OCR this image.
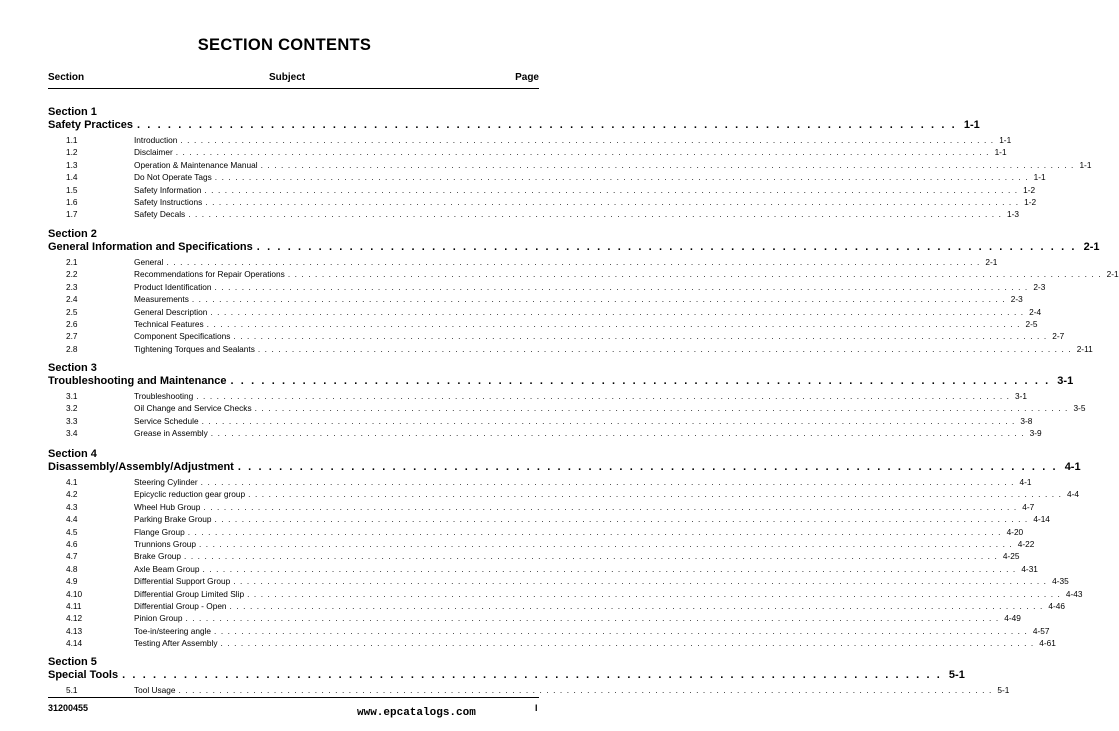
SECTION CONTENTS
Section	Subject	Page
Section 1
Safety Practices . . . . . . . . . . . . . . . . . . . . . . . . . . . . . . . . . . . . . . . . . . . . . . . . . . . . . . . . . . . . . . . . . . . . . . . . . . . . . . . . 1-1
1.1	Introduction . . . . . . . . . . . . . . . . . . . . . . . . . . . . . . . . . . . . . . . . . . . . . . . . . . . . . . . . . . . . . . . . . . . . . . . . . . . . . . . . . . . . . . . . . . . . . . . . . . . . . . . . . . . . . . . . . . . . . . . . 1-1
1.2	Disclaimer . . . . . . . . . . . . . . . . . . . . . . . . . . . . . . . . . . . . . . . . . . . . . . . . . . . . . . . . . . . . . . . . . . . . . . . . . . . . . . . . . . . . . . . . . . . . . . . . . . . . . . . . . . . . . . . . . . . . . . . . 1-1
1.3	Operation & Maintenance Manual . . . . . . . . . . . . . . . . . . . . . . . . . . . . . . . . . . . . . . . . . . . . . . . . . . . . . . . . . . . . . . . . . . . . . . . . . . . . . . . . . . . . . . . . . . . . . . . . . . . . . . . . . . . . . . . . . . . . . . . . 1-1
1.4	Do Not Operate Tags . . . . . . . . . . . . . . . . . . . . . . . . . . . . . . . . . . . . . . . . . . . . . . . . . . . . . . . . . . . . . . . . . . . . . . . . . . . . . . . . . . . . . . . . . . . . . . . . . . . . . . . . . . . . . . . . . . . . . . . . 1-1
1.5	Safety Information . . . . . . . . . . . . . . . . . . . . . . . . . . . . . . . . . . . . . . . . . . . . . . . . . . . . . . . . . . . . . . . . . . . . . . . . . . . . . . . . . . . . . . . . . . . . . . . . . . . . . . . . . . . . . . . . . . . . . . . . 1-2
1.6	Safety Instructions . . . . . . . . . . . . . . . . . . . . . . . . . . . . . . . . . . . . . . . . . . . . . . . . . . . . . . . . . . . . . . . . . . . . . . . . . . . . . . . . . . . . . . . . . . . . . . . . . . . . . . . . . . . . . . . . . . . . . . . . 1-2
1.7	Safety Decals . . . . . . . . . . . . . . . . . . . . . . . . . . . . . . . . . . . . . . . . . . . . . . . . . . . . . . . . . . . . . . . . . . . . . . . . . . . . . . . . . . . . . . . . . . . . . . . . . . . . . . . . . . . . . . . . . . . . . . . . 1-3
Section 2
General Information and Specifications . . . . . . . . . . . . . . . . . . . . . . . . . . . . . . . . . . . . . . . . . . . . . . . . . . . . . . . . . . . . . . . . . . . . . . . . . . . . . . . . 2-1
2.1	General . . . . . . . . . . . . . . . . . . . . . . . . . . . . . . . . . . . . . . . . . . . . . . . . . . . . . . . . . . . . . . . . . . . . . . . . . . . . . . . . . . . . . . . . . . . . . . . . . . . . . . . . . . . . . . . . . . . . . . . . 2-1
2.2	Recommendations for Repair Operations . . . . . . . . . . . . . . . . . . . . . . . . . . . . . . . . . . . . . . . . . . . . . . . . . . . . . . . . . . . . . . . . . . . . . . . . . . . . . . . . . . . . . . . . . . . . . . . . . . . . . . . . . . . . . . . . . . . . . . . . 2-1
2.3	Product Identification . . . . . . . . . . . . . . . . . . . . . . . . . . . . . . . . . . . . . . . . . . . . . . . . . . . . . . . . . . . . . . . . . . . . . . . . . . . . . . . . . . . . . . . . . . . . . . . . . . . . . . . . . . . . . . . . . . . . . . . . 2-3
2.4	Measurements . . . . . . . . . . . . . . . . . . . . . . . . . . . . . . . . . . . . . . . . . . . . . . . . . . . . . . . . . . . . . . . . . . . . . . . . . . . . . . . . . . . . . . . . . . . . . . . . . . . . . . . . . . . . . . . . . . . . . . . . 2-3
2.5	General Description . . . . . . . . . . . . . . . . . . . . . . . . . . . . . . . . . . . . . . . . . . . . . . . . . . . . . . . . . . . . . . . . . . . . . . . . . . . . . . . . . . . . . . . . . . . . . . . . . . . . . . . . . . . . . . . . . . . . . . . . 2-4
2.6	Technical Features . . . . . . . . . . . . . . . . . . . . . . . . . . . . . . . . . . . . . . . . . . . . . . . . . . . . . . . . . . . . . . . . . . . . . . . . . . . . . . . . . . . . . . . . . . . . . . . . . . . . . . . . . . . . . . . . . . . . . . . . 2-5
2.7	Component Specifications . . . . . . . . . . . . . . . . . . . . . . . . . . . . . . . . . . . . . . . . . . . . . . . . . . . . . . . . . . . . . . . . . . . . . . . . . . . . . . . . . . . . . . . . . . . . . . . . . . . . . . . . . . . . . . . . . . . . . . . . 2-7
2.8	Tightening Torques and Sealants . . . . . . . . . . . . . . . . . . . . . . . . . . . . . . . . . . . . . . . . . . . . . . . . . . . . . . . . . . . . . . . . . . . . . . . . . . . . . . . . . . . . . . . . . . . . . . . . . . . . . . . . . . . . . . . . . . . . . . . . 2-11
Section 3
Troubleshooting and Maintenance . . . . . . . . . . . . . . . . . . . . . . . . . . . . . . . . . . . . . . . . . . . . . . . . . . . . . . . . . . . . . . . . . . . . . . . . . . . . . . . . 3-1
3.1	Troubleshooting . . . . . . . . . . . . . . . . . . . . . . . . . . . . . . . . . . . . . . . . . . . . . . . . . . . . . . . . . . . . . . . . . . . . . . . . . . . . . . . . . . . . . . . . . . . . . . . . . . . . . . . . . . . . . . . . . . . . . . . . 3-1
3.2	Oil Change and Service Checks . . . . . . . . . . . . . . . . . . . . . . . . . . . . . . . . . . . . . . . . . . . . . . . . . . . . . . . . . . . . . . . . . . . . . . . . . . . . . . . . . . . . . . . . . . . . . . . . . . . . . . . . . . . . . . . . . . . . . . . . 3-5
3.3	Service Schedule . . . . . . . . . . . . . . . . . . . . . . . . . . . . . . . . . . . . . . . . . . . . . . . . . . . . . . . . . . . . . . . . . . . . . . . . . . . . . . . . . . . . . . . . . . . . . . . . . . . . . . . . . . . . . . . . . . . . . . . . 3-8
3.4	Grease in Assembly . . . . . . . . . . . . . . . . . . . . . . . . . . . . . . . . . . . . . . . . . . . . . . . . . . . . . . . . . . . . . . . . . . . . . . . . . . . . . . . . . . . . . . . . . . . . . . . . . . . . . . . . . . . . . . . . . . . . . . . . 3-9
Section 4
Disassembly/Assembly/Adjustment . . . . . . . . . . . . . . . . . . . . . . . . . . . . . . . . . . . . . . . . . . . . . . . . . . . . . . . . . . . . . . . . . . . . . . . . . . . . . . . . 4-1
4.1	Steering Cylinder . . . . . . . . . . . . . . . . . . . . . . . . . . . . . . . . . . . . . . . . . . . . . . . . . . . . . . . . . . . . . . . . . . . . . . . . . . . . . . . . . . . . . . . . . . . . . . . . . . . . . . . . . . . . . . . . . . . . . . . . 4-1
4.2	Epicyclic reduction gear group . . . . . . . . . . . . . . . . . . . . . . . . . . . . . . . . . . . . . . . . . . . . . . . . . . . . . . . . . . . . . . . . . . . . . . . . . . . . . . . . . . . . . . . . . . . . . . . . . . . . . . . . . . . . . . . . . . . . . . . . 4-4
4.3	Wheel Hub Group . . . . . . . . . . . . . . . . . . . . . . . . . . . . . . . . . . . . . . . . . . . . . . . . . . . . . . . . . . . . . . . . . . . . . . . . . . . . . . . . . . . . . . . . . . . . . . . . . . . . . . . . . . . . . . . . . . . . . . . . 4-7
4.4	Parking Brake Group . . . . . . . . . . . . . . . . . . . . . . . . . . . . . . . . . . . . . . . . . . . . . . . . . . . . . . . . . . . . . . . . . . . . . . . . . . . . . . . . . . . . . . . . . . . . . . . . . . . . . . . . . . . . . . . . . . . . . . . . 4-14
4.5	Flange Group . . . . . . . . . . . . . . . . . . . . . . . . . . . . . . . . . . . . . . . . . . . . . . . . . . . . . . . . . . . . . . . . . . . . . . . . . . . . . . . . . . . . . . . . . . . . . . . . . . . . . . . . . . . . . . . . . . . . . . . . 4-20
4.6	Trunnions Group . . . . . . . . . . . . . . . . . . . . . . . . . . . . . . . . . . . . . . . . . . . . . . . . . . . . . . . . . . . . . . . . . . . . . . . . . . . . . . . . . . . . . . . . . . . . . . . . . . . . . . . . . . . . . . . . . . . . . . . . 4-22
4.7	Brake Group . . . . . . . . . . . . . . . . . . . . . . . . . . . . . . . . . . . . . . . . . . . . . . . . . . . . . . . . . . . . . . . . . . . . . . . . . . . . . . . . . . . . . . . . . . . . . . . . . . . . . . . . . . . . . . . . . . . . . . . . 4-25
4.8	Axle Beam Group . . . . . . . . . . . . . . . . . . . . . . . . . . . . . . . . . . . . . . . . . . . . . . . . . . . . . . . . . . . . . . . . . . . . . . . . . . . . . . . . . . . . . . . . . . . . . . . . . . . . . . . . . . . . . . . . . . . . . . . . 4-31
4.9	Differential Support Group . . . . . . . . . . . . . . . . . . . . . . . . . . . . . . . . . . . . . . . . . . . . . . . . . . . . . . . . . . . . . . . . . . . . . . . . . . . . . . . . . . . . . . . . . . . . . . . . . . . . . . . . . . . . . . . . . . . . . . . . 4-35
4.10	Differential Group Limited Slip . . . . . . . . . . . . . . . . . . . . . . . . . . . . . . . . . . . . . . . . . . . . . . . . . . . . . . . . . . . . . . . . . . . . . . . . . . . . . . . . . . . . . . . . . . . . . . . . . . . . . . . . . . . . . . . . . . . . . . . . 4-43
4.11	Differential Group - Open . . . . . . . . . . . . . . . . . . . . . . . . . . . . . . . . . . . . . . . . . . . . . . . . . . . . . . . . . . . . . . . . . . . . . . . . . . . . . . . . . . . . . . . . . . . . . . . . . . . . . . . . . . . . . . . . . . . . . . . . 4-46
4.12	Pinion Group . . . . . . . . . . . . . . . . . . . . . . . . . . . . . . . . . . . . . . . . . . . . . . . . . . . . . . . . . . . . . . . . . . . . . . . . . . . . . . . . . . . . . . . . . . . . . . . . . . . . . . . . . . . . . . . . . . . . . . . . 4-49
4.13	Toe-in/steering angle . . . . . . . . . . . . . . . . . . . . . . . . . . . . . . . . . . . . . . . . . . . . . . . . . . . . . . . . . . . . . . . . . . . . . . . . . . . . . . . . . . . . . . . . . . . . . . . . . . . . . . . . . . . . . . . . . . . . . . . . 4-57
4.14	Testing After Assembly . . . . . . . . . . . . . . . . . . . . . . . . . . . . . . . . . . . . . . . . . . . . . . . . . . . . . . . . . . . . . . . . . . . . . . . . . . . . . . . . . . . . . . . . . . . . . . . . . . . . . . . . . . . . . . . . . . . . . . . . 4-61
Section 5
Special Tools . . . . . . . . . . . . . . . . . . . . . . . . . . . . . . . . . . . . . . . . . . . . . . . . . . . . . . . . . . . . . . . . . . . . . . . . . . . . . . . . 5-1
5.1	Tool Usage . . . . . . . . . . . . . . . . . . . . . . . . . . . . . . . . . . . . . . . . . . . . . . . . . . . . . . . . . . . . . . . . . . . . . . . . . . . . . . . . . . . . . . . . . . . . . . . . . . . . . . . . . . . . . . . . . . . . . . . . 5-1
31200455	www.epcatalogs.com	I
